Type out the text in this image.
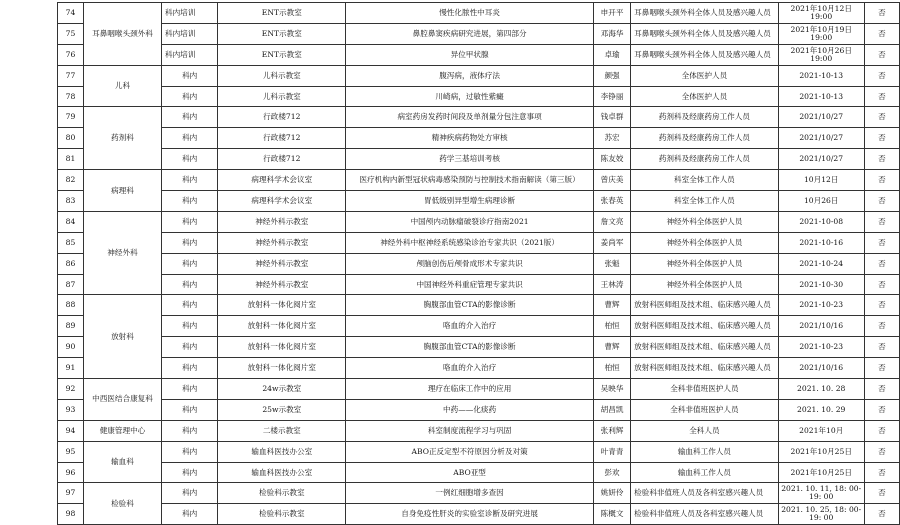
74	耳鼻咽喉头颈外科	科内培训	ENT示教室	慢性化脓性中耳炎	申开平	耳鼻咽喉头颈外科全体人员及感兴趣人员	2021年10月12日 19:00	否
75		科内培训	ENT示教室	鼻腔鼻窦疾病研究进展，第四部分	邓海华	耳鼻咽喉头颈外科全体人员及感兴趣人员	2021年10月19日 19:00	否
76		科内培训	ENT示教室	异位甲状腺	卓瑜	耳鼻咽喉头颈外科全体人员及感兴趣人员	2021年10月26日 19:00	否
77	儿科	科内	儿科示教室	腹泻病，液体疗法	颜强	全体医护人员	2021-10-13	否
78		科内	儿科示教室	川崎病，过敏性紫癜	李铮丽	全体医护人员	2021-10-13	否
79	药剂科	科内	行政楼712	病室药房发药时间段及单剂量分包注意事项	钱卓群	药剂科及经康药房工作人员	2021/10/27	否
80		科内	行政楼712	精神疾病药物处方审核	苏宏	药剂科及经康药房工作人员	2021/10/27	否
81		科内	行政楼712	药学三基培训考核	陈友姣	药剂科及经康药房工作人员	2021/10/27	否
82	病理科	科内	病理科学术会议室	医疗机构内新型冠状病毒感染预防与控制技术指南解读（第三版）	曾庆美	科室全体工作人员	10月12日	否
83		科内	病理科学术会议室	胃低级别异型增生病理诊断	张春英	科室全体工作人员	10月26日	否
84	神经外科	科内	神经外科示教室	中国颅内动脉瘤破裂诊疗指南2021	詹文亮	神经外科全体医护人员	2021-10-08	否
85		科内	神经外科示教室	神经外科中枢神经系统感染诊治专家共识（2021版）	姜尚军	神经外科全体医护人员	2021-10-16	否
86		科内	神经外科示教室	颅脑创伤后颅骨成形术专家共识	张魁	神经外科全体医护人员	2021-10-24	否
87		科内	神经外科示教室	中国神经外科重症管理专家共识	王林涛	神经外科全体医护人员	2021-10-30	否
88	放射科	科内	放射科一体化阅片室	胸腹部血管CTA的影像诊断	曹辉	放射科医师组及技术组、临床感兴趣人员	2021-10-23	否
89		科内	放射科一体化阅片室	咯血的介入治疗	柏恒	放射科医师组及技术组、临床感兴趣人员	2021/10/16	否
90		科内	放射科一体化阅片室	胸腹部血管CTA的影像诊断	曹辉	放射科医师组及技术组、临床感兴趣人员	2021-10-23	否
91		科内	放射科一体化阅片室	咯血的介入治疗	柏恒	放射科医师组及技术组、临床感兴趣人员	2021/10/16	否
92	中西医结合康复科	科内	24w示教室	理疗在临床工作中的应用	吴映华	全科非值班医护人员	2021. 10. 28	否
93		科内	25w示教室	中药——化痰药	胡昌凯	全科非值班医护人员	2021. 10. 29	否
94	健康管理中心	科内	二楼示教室	科室制度流程学习与巩固	张利辉	全科人员	2021年10月	否
95	输血科	科内	输血科医技办公室	ABO正反定型不符原因分析及对策	叶青青	输血科工作人员	2021年10月25日	否
96		科内	输血科医技办公室	ABO亚型	彭欢	输血科工作人员	2021年10月25日	否
97	检验科	科内	检验科示教室	一例红细胞增多查因	姚妍伶	检验科非值班人员及各科室感兴趣人员	2021. 10. 11, 18: 00-19: 00	否
98		科内	检验科示教室	自身免疫性肝炎的实验室诊断及研究进展	陈概文	检验科非值班人员及各科室感兴趣人员	2021. 10. 25, 18: 00-19: 00	否
